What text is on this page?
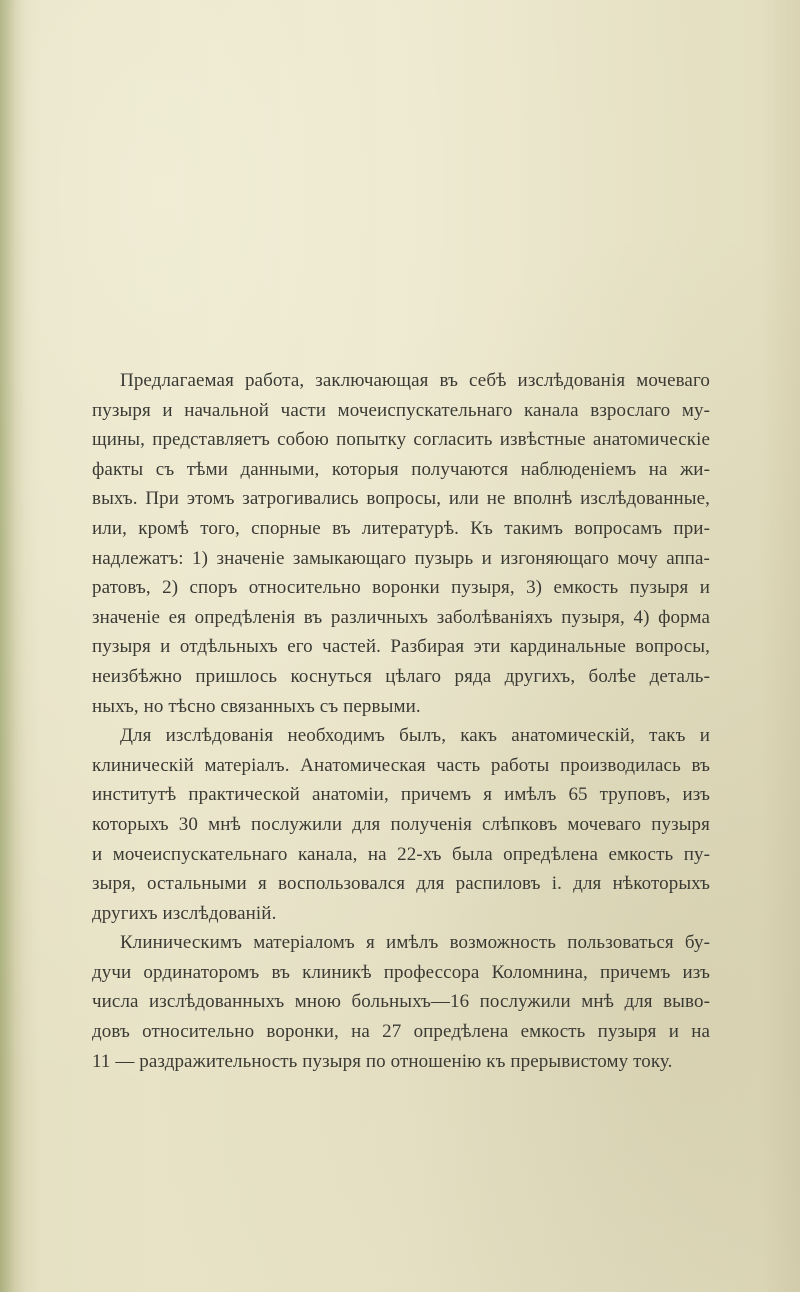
Предлагаемая работа, заключающая въ себѣ изслѣдованія мочеваго
пузыря и начальной части мочеиспускательнаго канала взрослаго му-
щины, представляетъ собою попытку согласить извѣстные анатомическіе
факты съ тѣми данными, которыя получаются наблюденіемъ на жи-
выхъ. При этомъ затрогивались вопросы, или не вполнѣ изслѣдованные,
или, кромѣ того, спорные въ литературѣ. Къ такимъ вопросамъ при-
надлежатъ: 1) значеніе замыкающаго пузырь и изгоняющаго мочу аппа-
ратовъ, 2) споръ относительно воронки пузыря, 3) емкость пузыря и
значеніе ея опредѣленія въ различныхъ заболѣваніяхъ пузыря, 4) форма
пузыря и отдѣльныхъ его частей. Разбирая эти кардинальные вопросы,
неизбѣжно пришлось коснуться цѣлаго ряда другихъ, болѣе деталь-
ныхъ, но тѣсно связанныхъ съ первыми.
Для изслѣдованія необходимъ былъ, какъ анатомическій, такъ и
клиническій матеріалъ. Анатомическая часть работы производилась въ
институтѣ практической анатоміи, причемъ я имѣлъ 65 труповъ, изъ
которыхъ 30 мнѣ послужили для полученія слѣпковъ мочеваго пузыря
и мочеиспускательнаго канала, на 22-хъ была опредѣлена емкость пу-
зыря, остальными я воспользовался для распиловъ і. для нѣкоторыхъ
другихъ изслѣдованій.
Клиническимъ матеріаломъ я имѣлъ возможность пользоваться бу-
дучи ординаторомъ въ клиникѣ профессора Коломнина, причемъ изъ
числа изслѣдованныхъ мною больныхъ—16 послужили мнѣ для выво-
довъ относительно воронки, на 27 опредѣлена емкость пузыря и на
11 — раздражительность пузыря по отношенію къ прерывистому току.
